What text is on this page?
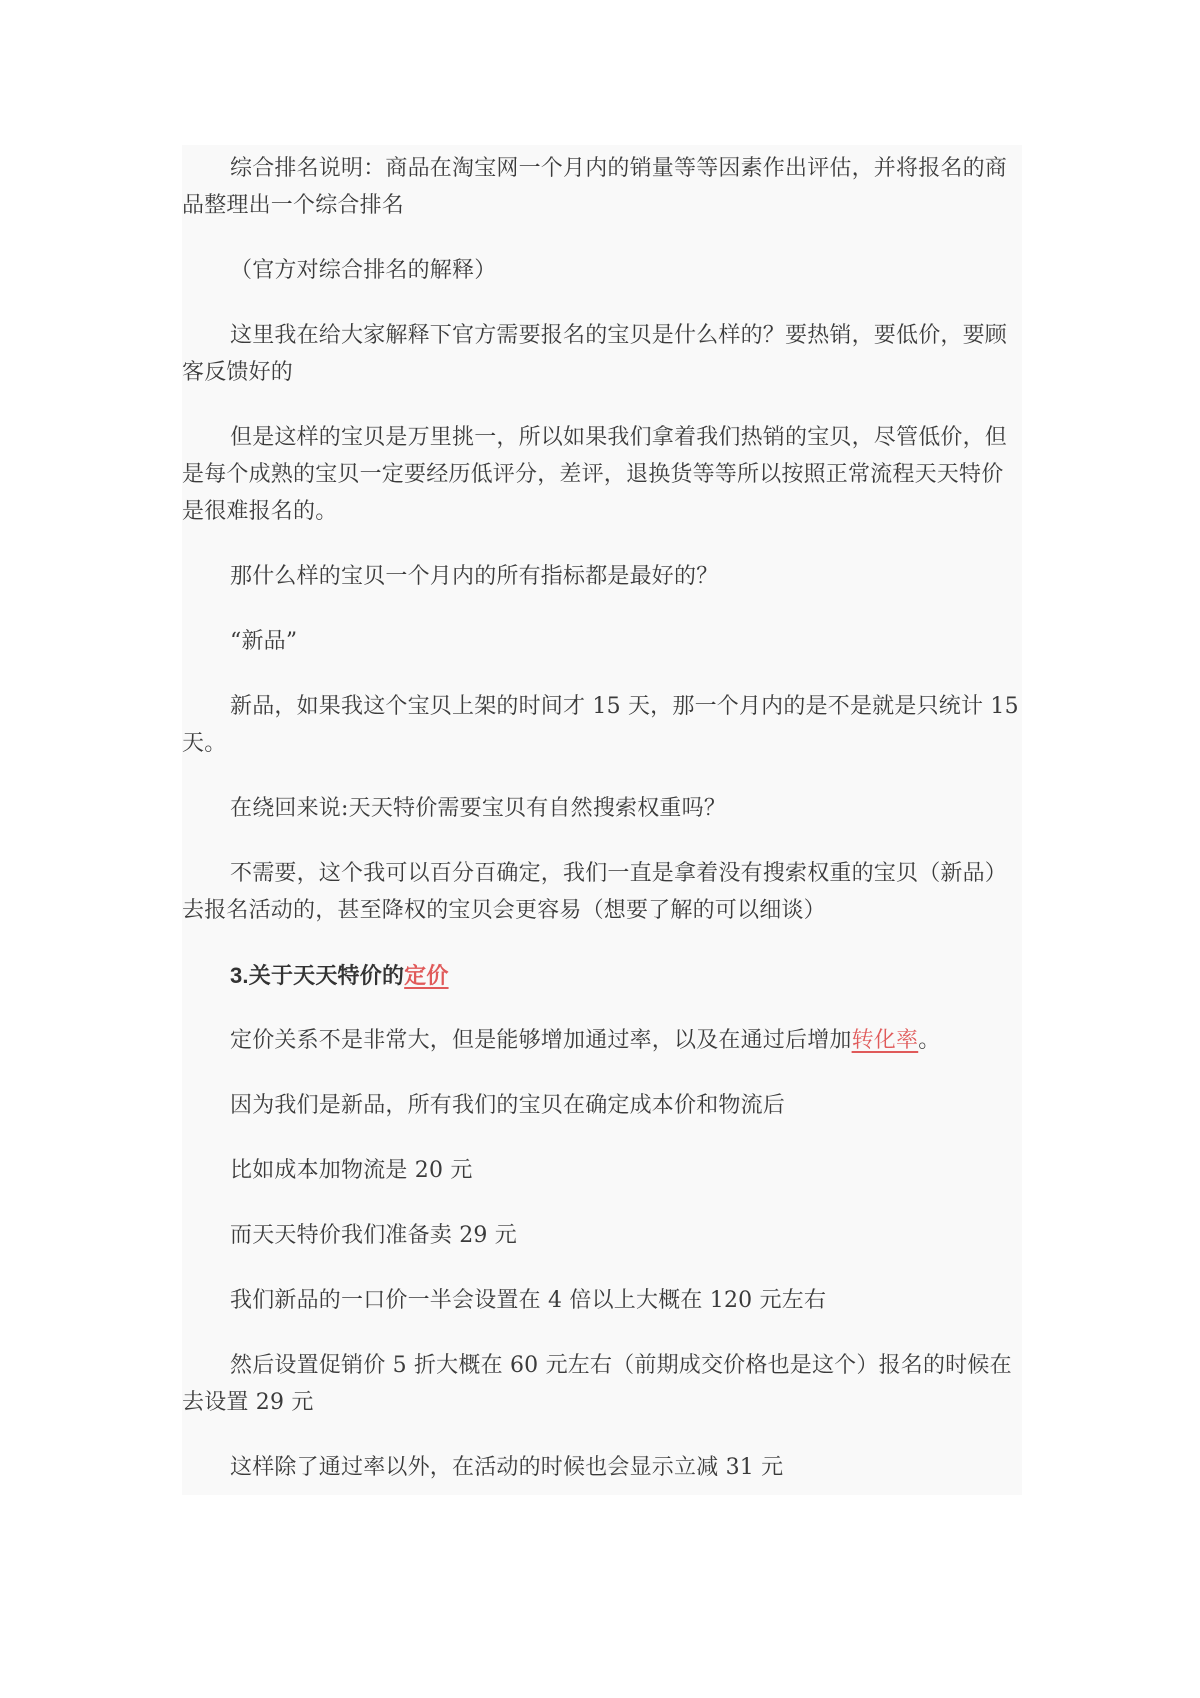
综合排名说明：商品在淘宝网一个月内的销量等等因素作出评估，并将报名的商品整理出一个综合排名

（官方对综合排名的解释）

这里我在给大家解释下官方需要报名的宝贝是什么样的？要热销，要低价，要顾客反馈好的

但是这样的宝贝是万里挑一，所以如果我们拿着我们热销的宝贝，尽管低价，但是每个成熟的宝贝一定要经历低评分，差评，退换货等等所以按照正常流程天天特价是很难报名的。

那什么样的宝贝一个月内的所有指标都是最好的？

“新品”

新品，如果我这个宝贝上架的时间才 15 天，那一个月内的是不是就是只统计 15 天。

在绕回来说:天天特价需要宝贝有自然搜索权重吗？

不需要，这个我可以百分百确定，我们一直是拿着没有搜索权重的宝贝（新品）去报名活动的，甚至降权的宝贝会更容易（想要了解的可以细谈）

3.关于天天特价的定价

定价关系不是非常大，但是能够增加通过率，以及在通过后增加转化率。

因为我们是新品，所有我们的宝贝在确定成本价和物流后

比如成本加物流是 20 元

而天天特价我们准备卖 29 元

我们新品的一口价一半会设置在 4 倍以上大概在 120 元左右

然后设置促销价 5 折大概在 60 元左右（前期成交价格也是这个）报名的时候在去设置 29 元

这样除了通过率以外，在活动的时候也会显示立减 31 元
